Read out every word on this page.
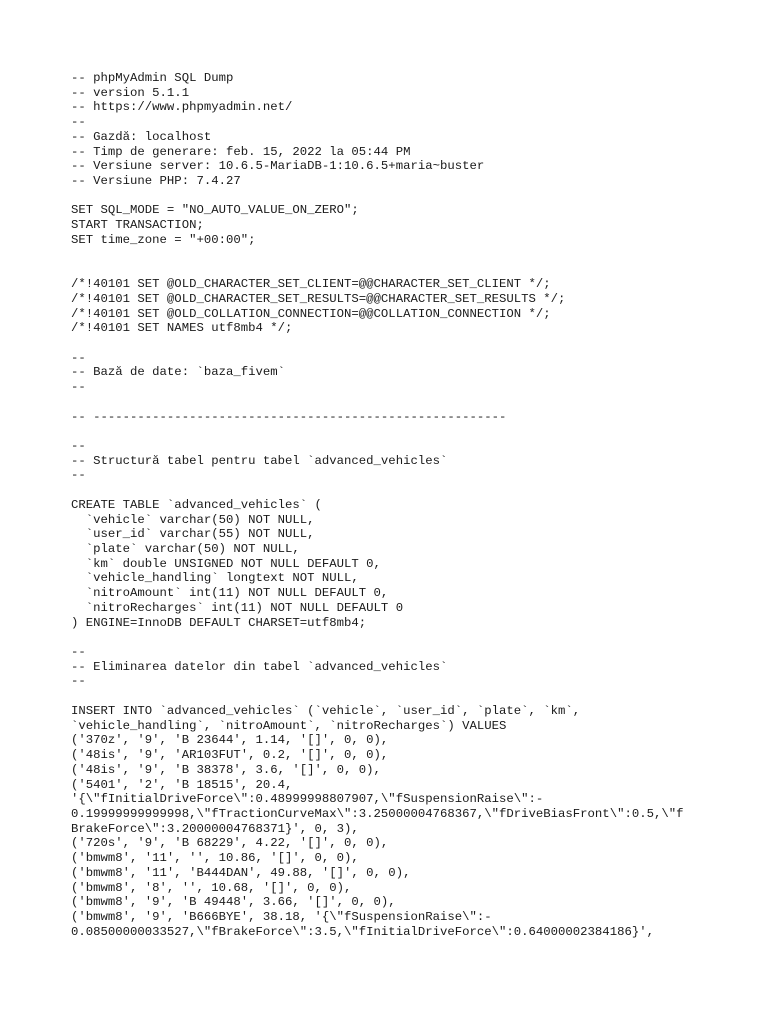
-- phpMyAdmin SQL Dump
-- version 5.1.1
-- https://www.phpmyadmin.net/
--
-- Gazdă: localhost
-- Timp de generare: feb. 15, 2022 la 05:44 PM
-- Versiune server: 10.6.5-MariaDB-1:10.6.5+maria~buster
-- Versiune PHP: 7.4.27
SET SQL_MODE = "NO_AUTO_VALUE_ON_ZERO";
START TRANSACTION;
SET time_zone = "+00:00";
/*!40101 SET @OLD_CHARACTER_SET_CLIENT=@@CHARACTER_SET_CLIENT */;
/*!40101 SET @OLD_CHARACTER_SET_RESULTS=@@CHARACTER_SET_RESULTS */;
/*!40101 SET @OLD_COLLATION_CONNECTION=@@COLLATION_CONNECTION */;
/*!40101 SET NAMES utf8mb4 */;
--
-- Bază de date: `baza_fivem`
--
-- --------------------------------------------------------
--
-- Structură tabel pentru tabel `advanced_vehicles`
--
CREATE TABLE `advanced_vehicles` (
`vehicle` varchar(50) NOT NULL,
`user_id` varchar(55) NOT NULL,
`plate` varchar(50) NOT NULL,
`km` double UNSIGNED NOT NULL DEFAULT 0,
`vehicle_handling` longtext NOT NULL,
`nitroAmount` int(11) NOT NULL DEFAULT 0,
`nitroRecharges` int(11) NOT NULL DEFAULT 0
) ENGINE=InnoDB DEFAULT CHARSET=utf8mb4;
--
-- Eliminarea datelor din tabel `advanced_vehicles`
--
INSERT INTO `advanced_vehicles` (`vehicle`, `user_id`, `plate`, `km`,
`vehicle_handling`, `nitroAmount`, `nitroRecharges`) VALUES
('370z', '9', 'B 23644', 1.14, '[]', 0, 0),
('48is', '9', 'AR103FUT', 0.2, '[]', 0, 0),
('48is', '9', 'B 38378', 3.6, '[]', 0, 0),
('5401', '2', 'B 18515', 20.4,
'{\"fInitialDriveForce\":0.48999998807907,\"fSuspensionRaise\":-
0.19999999999998,\"fTractionCurveMax\":3.25000004768367,\"fDriveBiasFront\":0.5,\"f
BrakeForce\":3.20000004768371}', 0, 3),
('720s', '9', 'B 68229', 4.22, '[]', 0, 0),
('bmwm8', '11', '', 10.86, '[]', 0, 0),
('bmwm8', '11', 'B444DAN', 49.88, '[]', 0, 0),
('bmwm8', '8', '', 10.68, '[]', 0, 0),
('bmwm8', '9', 'B 49448', 3.66, '[]', 0, 0),
('bmwm8', '9', 'B666BYE', 38.18, '{\"fSuspensionRaise\":-
0.08500000033527,\"fBrakeForce\":3.5,\"fInitialDriveForce\":0.64000002384186}',
